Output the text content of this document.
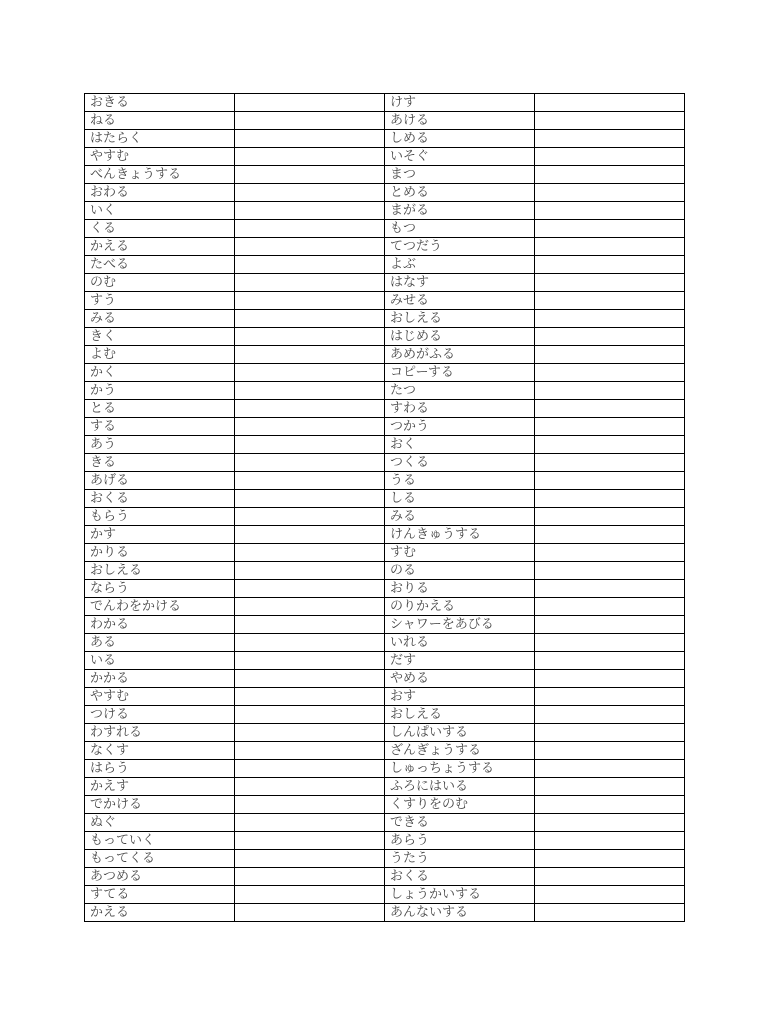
おきる		けす	
ねる		あける	
はたらく		しめる	
やすむ		いそぐ	
べんきょうする		まつ	
おわる		とめる	
いく		まがる	
くる		もつ	
かえる		てつだう	
たべる		よぶ	
のむ		はなす	
すう		みせる	
みる		おしえる	
きく		はじめる	
よむ		あめがふる	
かく		コピーする	
かう		たつ	
とる		すわる	
する		つかう	
あう		おく	
きる		つくる	
あげる		うる	
おくる		しる	
もらう		みる	
かす		けんきゅうする	
かりる		すむ	
おしえる		のる	
ならう		おりる	
でんわをかける		のりかえる	
わかる		シャワーをあびる	
ある		いれる	
いる		だす	
かかる		やめる	
やすむ		おす	
つける		おしえる	
わすれる		しんぱいする	
なくす		ざんぎょうする	
はらう		しゅっちょうする	
かえす		ふろにはいる	
でかける		くすりをのむ	
ぬぐ		できる	
もっていく		あらう	
もってくる		うたう	
あつめる		おくる	
すてる		しょうかいする	
かえる		あんないする	
